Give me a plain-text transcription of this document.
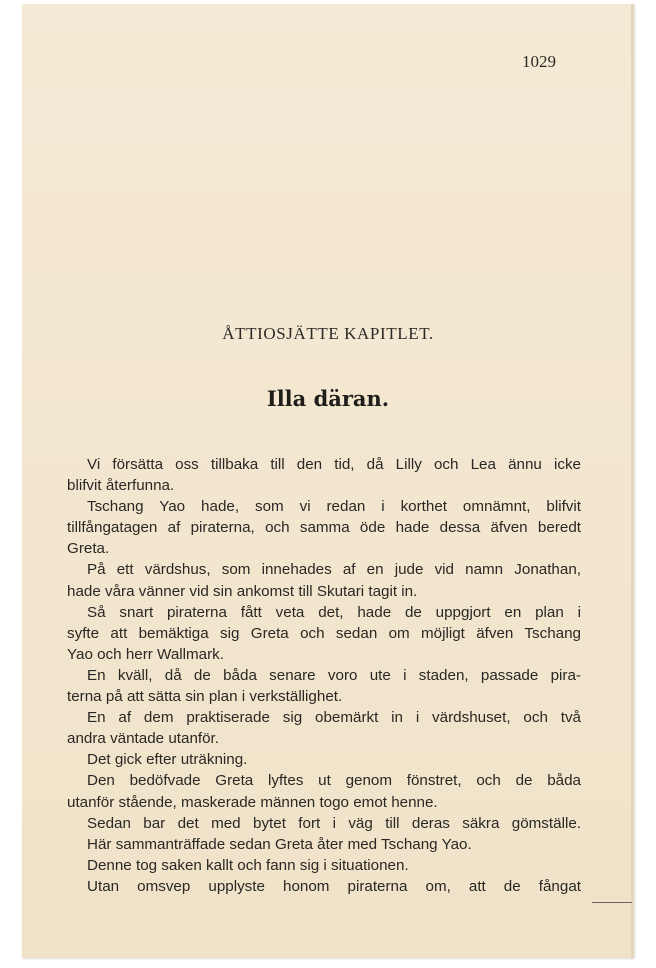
1029
ÅTTIOSJÄTTE KAPITLET.
Illa däran.
Vi försätta oss tillbaka till den tid, då Lilly och Lea ännu icke
blifvit återfunna.
Tschang Yao hade, som vi redan i korthet omnämnt, blifvit
tillfångatagen af piraterna, och samma öde hade dessa äfven beredt
Greta.
På ett värdshus, som innehades af en jude vid namn Jonathan,
hade våra vänner vid sin ankomst till Skutari tagit in.
Så snart piraterna fått veta det, hade de uppgjort en plan i
syfte att bemäktiga sig Greta och sedan om möjligt äfven Tschang
Yao och herr Wallmark.
En kväll, då de båda senare voro ute i staden, passade pira-
terna på att sätta sin plan i verkställighet.
En af dem praktiserade sig obemärkt in i värdshuset, och två
andra väntade utanför.
Det gick efter uträkning.
Den bedöfvade Greta lyftes ut genom fönstret, och de båda
utanför stående, maskerade männen togo emot henne.
Sedan bar det med bytet fort i väg till deras säkra gömställe.
Här sammanträffade sedan Greta åter med Tschang Yao.
Denne tog saken kallt och fann sig i situationen.
Utan omsvep upplyste honom piraterna om, att de fångat
